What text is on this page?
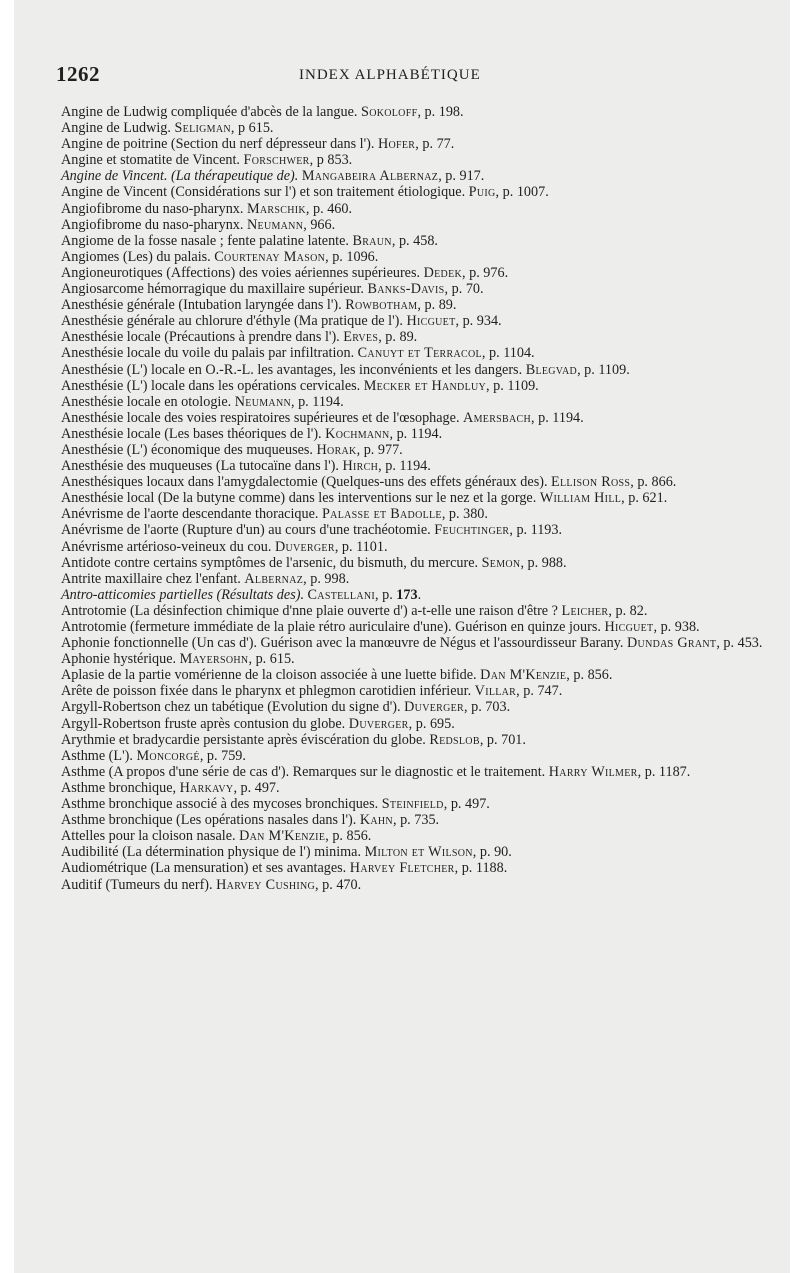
1262	INDEX ALPHABÉTIQUE
Angine de Ludwig compliquée d'abcès de la langue. Sokoloff, p. 198.
Angine de Ludwig. Seligman, p 615.
Angine de poitrine (Section du nerf dépresseur dans l'). Hofer, p. 77.
Angine et stomatite de Vincent. Forschwer, p 853.
Angine de Vincent. (La thérapeutique de). Mangabeira Albernaz, p. 917.
Angine de Vincent (Considérations sur l') et son traitement étiologique. Puig, p. 1007.
Angiofibrome du naso-pharynx. Marschik, p. 460.
Angiofibrome du naso-pharynx. Neumann, 966.
Angiome de la fosse nasale ; fente palatine latente. Braun, p. 458.
Angiomes (Les) du palais. Courtenay Mason, p. 1096.
Angioneurotiques (Affections) des voies aériennes supérieures. Dedek, p. 976.
Angiosarcome hémorragique du maxillaire supérieur. Banks-Davis, p. 70.
Anesthésie générale (Intubation laryngée dans l'). Rowbotham, p. 89.
Anesthésie générale au chlorure d'éthyle (Ma pratique de l'). Hicguet, p. 934.
Anesthésie locale (Précautions à prendre dans l'). Erves, p. 89.
Anesthésie locale du voile du palais par infiltration. Canuyt et Terracol, p. 1104.
Anesthésie (L') locale en O.-R.-L. les avantages, les inconvénients et les dangers. Blegvad, p. 1109.
Anesthésie (L') locale dans les opérations cervicales. Mecker et Handluy, p. 1109.
Anesthésie locale en otologie. Neumann, p. 1194.
Anesthésie locale des voies respiratoires supérieures et de l'œsophage. Amersbach, p. 1194.
Anesthésie locale (Les bases théoriques de l'). Kochmann, p. 1194.
Anesthésie (L') économique des muqueuses. Horak, p. 977.
Anesthésie des muqueuses (La tutocaïne dans l'). Hirch, p. 1194.
Anesthésiques locaux dans l'amygdalectomie (Quelques-uns des effets généraux des). Ellison Ross, p. 866.
Anesthésie local (De la butyne comme) dans les interventions sur le nez et la gorge. William Hill, p. 621.
Anévrisme de l'aorte descendante thoracique. Palasse et Badolle, p. 380.
Anévrisme de l'aorte (Rupture d'un) au cours d'une trachéotomie. Feuchtinger, p. 1193.
Anévrisme artérioso-veineux du cou. Duverger, p. 1101.
Antidote contre certains symptômes de l'arsenic, du bismuth, du mercure. Semon, p. 988.
Antrite maxillaire chez l'enfant. Albernaz, p. 998.
Antro-atticomies partielles (Résultats des). Castellani, p. 173.
Antrotomie (La désinfection chimique d'nne plaie ouverte d') a-t-elle une raison d'être ? Leicher, p. 82.
Antrotomie (fermeture immédiate de la plaie rétro auriculaire d'une). Guérison en quinze jours. Hicguet, p. 938.
Aphonie fonctionnelle (Un cas d'). Guérison avec la manœuvre de Négus et l'assourdisseur Barany. Dundas Grant, p. 453.
Aphonie hystérique. Mayersohn, p. 615.
Aplasie de la partie vomérienne de la cloison associée à une luette bifide. Dan M'Kenzie, p. 856.
Arête de poisson fixée dans le pharynx et phlegmon carotidien inférieur. Villar, p. 747.
Argyll-Robertson chez un tabétique (Evolution du signe d'). Duverger, p. 703.
Argyll-Robertson fruste après contusion du globe. Duverger, p. 695.
Arythmie et bradycardie persistante après éviscération du globe. Redslob, p. 701.
Asthme (L'). Moncorgé, p. 759.
Asthme (A propos d'une série de cas d'). Remarques sur le diagnostic et le traitement. Harry Wilmer, p. 1187.
Asthme bronchique, Harkavy, p. 497.
Asthme bronchique associé à des mycoses bronchiques. Steinfield, p. 497.
Asthme bronchique (Les opérations nasales dans l'). Kahn, p. 735.
Attelles pour la cloison nasale. Dan M'Kenzie, p. 856.
Audibilité (La détermination physique de l') minima. Milton et Wilson, p. 90.
Audiométrique (La mensuration) et ses avantages. Harvey Fletcher, p. 1188.
Auditif (Tumeurs du nerf). Harvey Cushing, p. 470.
